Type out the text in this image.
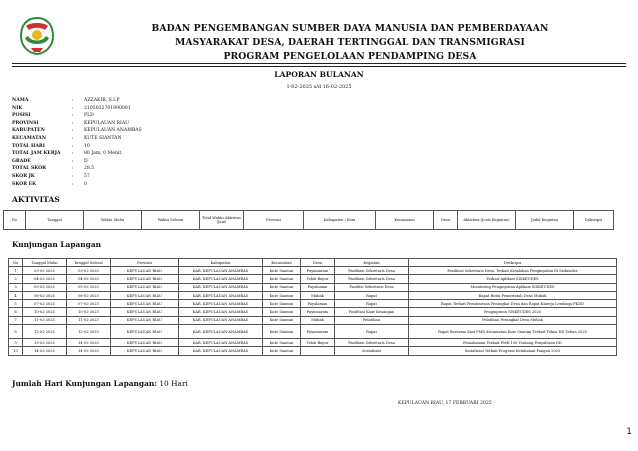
BADAN PENGEMBANGAN SUMBER DAYA MANUSIA DAN PEMBERDAYAAN
MASYARAKAT DESA, DAERAH TERTINGGAL DAN TRANSMIGRASI
PROGRAM PENGELOLAAN PENDAMPING DESA
LAPORAN BULANAN
1-02-2025 s/d 16-02-2025
NAMA	: AZZAKIR. S.I.P
NIK	: 2105022701890001
POSISI	: PLD
PROVINSI	: KEPULAUAN RIAU
KABUPATEN	: KEPULAUAN ANAMBAS
KECAMATAN	: KUTE SIANTAN
TOTAL HARI	: 10
TOTAL JAM KERJA	: 80 Jam, 0 Menit
GRADE	: D
TOTAL SKOR	: 28.5
SKOR JK	: 57
SKOR EK	: 0
AKTIVITAS
No	Tanggal	Waktu Mulai	Waktu Selesai	Total Waktu Aktivitas (Jam)	Provinsi	Kabupaten / Kota	Kecamatan	Desa	Aktivitas (Jenis Kegiatan)	Judul Kegiatan	Deksripsi
Kunjungan Lapangan
No	Tanggal Mulai	Tanggal Selesai	Provinsi	Kabupaten	Kecamatan	Desa	Kegiatan	Deskripsi
1	03-02-2025	03-02-2025	KEPULAUAN RIAU	KAB. KEPULAUAN ANAMBAS	Kute Siantan	Payamaram	Fasilitasi Sekretaris Desa	Fasilitasi Sekretaris Desa, Terkait Kesalahan Penginputan Di Siskeudes
2	04-02-2025	04-02-2025	KEPULAUAN RIAU	KAB. KEPULAUAN ANAMBAS	Kute Siantan	Telok Bayur	Fasilitasi Sekretaris Desa	Terkait Aplikasi SISKEUDES
3	05-02-2025	05-02-2025	KEPULAUAN RIAU	KAB. KEPULAUAN ANAMBAS	Kute Siantan	Payalaman	Fasilitsi Sekretaris Desa	Monitoring Penginputan Aplikasi SISKEUDES
4	06-02-2025	06-02-2025	KEPULAUAN RIAU	KAB. KEPULAUAN ANAMBAS	Kute Siantan	Mubak	Rapat	Rapat Rutin Pemerintah Desa Mubak
5	07-02-2025	07-02-2025	KEPULAUAN RIAU	KAB. KEPULAUAN ANAMBAS	Kute Siantan	Payalaman	Rapat	Rapat Terkait Pemutarisan Perangkat Desa dan Rapat Kinerja Lembaga PKDD
6	10-02-2025	10-02-2025	KEPULAUAN RIAU	KAB. KEPULAUAN ANAMBAS	Kute Siantan	Payamaram	Fasilitasi Kaur Keuangan	Penginputan SISKEUDES 2025
7	11-02-2025	11-02-2025	KEPULAUAN RIAU	KAB. KEPULAUAN ANAMBAS	Kute Siantan	Mubak	Pelatihan	Pelatihan Perangkat Desa Mubak
8	12-02-2025	12-02-2025	KEPULAUAN RIAU	KAB. KEPULAUAN ANAMBAS	Kute Siantan	Payamaram	Rapat	Rapat Bersama Kasi PMD Kecamatan Kute Siantan Terkait Tekan DD Tahun 2025
9	13-02-2025	14-02-2025	KEPULAUAN RIAU	KAB. KEPULAUAN ANAMBAS	Kute Siantan	Telok Bayur	Fasilitasi Sekretaris Desa	Pemahaman Terkait PMK 108 Tentang Penyaluran DD
10	14-02-2025	14-02-2025	KEPULAUAN RIAU	KAB. KEPULAUAN ANAMBAS	Kute Siantan		Sosialisasi	Sosialisasi Terkait Program Ketahanan Pangan 2025
Jumlah Hari Kunjungan Lapangan: 10 Hari
KEPULAUAN RIAU, 17 FEBRUARI 2025
1
